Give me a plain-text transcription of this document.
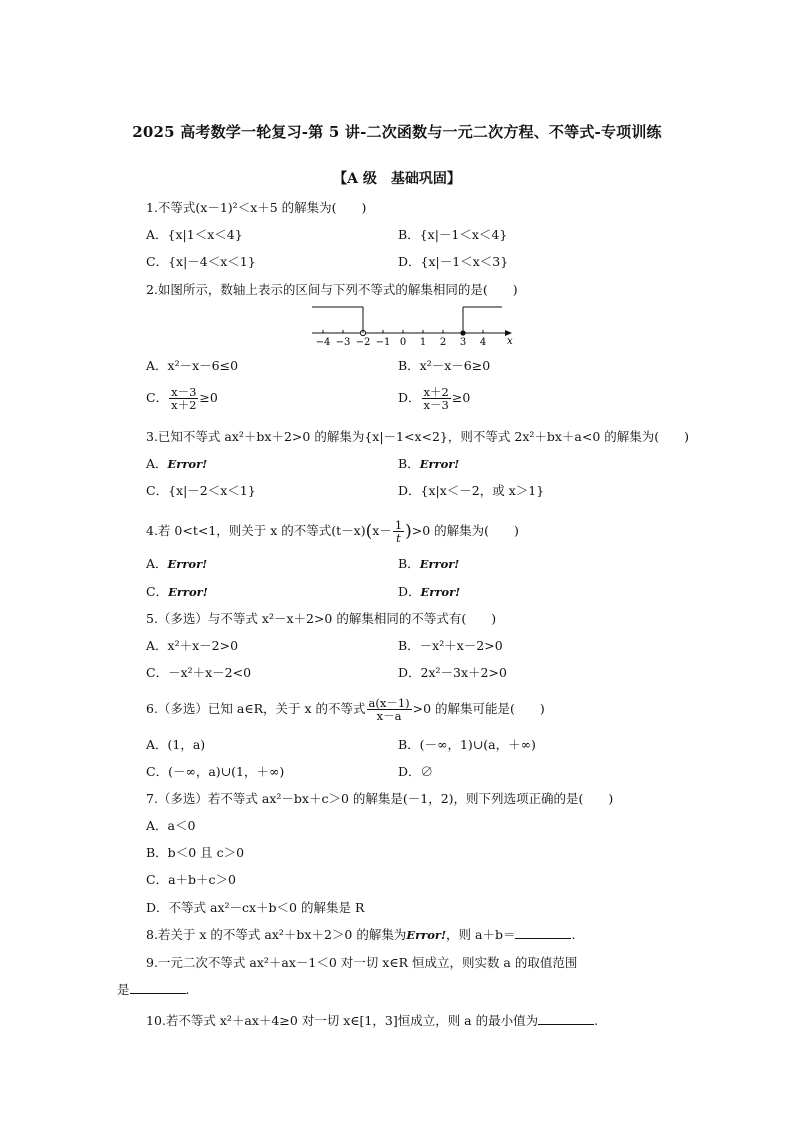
2025 高考数学一轮复习-第 5 讲-二次函数与一元二次方程、不等式-专项训练
【A 级　基础巩固】
1.不等式(x－1)²＜x＋5 的解集为(　　)
A．{x|1＜x＜4}	B．{x|－1＜x＜4}
C．{x|－4＜x＜1}	D．{x|－1＜x＜3}
2.如图所示，数轴上表示的区间与下列不等式的解集相同的是(　　)
−4 −3 −2 −1 0 1 2 3 4 x
A．x²－x－6≤0	B．x²－x－6≥0
C． $\frac{x-3}{x+2} \ge 0$	D． $\frac{x+2}{x-3} \ge 0$
3.已知不等式 ax²＋bx＋2>0 的解集为{x|－1<x<2}，则不等式 2x²＋bx＋a<0 的解集为(　　)
A．Error!	B．Error!
C．{x|－2＜x＜1}	D．{x|x＜－2，或 x＞1}
4.若 0<t<1，则关于 x 的不等式$(t-x)(x- \frac{1}{t} )>0$ 的解集为(　　)
A．Error!	B．Error!
C．Error!	D．Error!
5.（多选）与不等式 x²－x＋2>0 的解集相同的不等式有(　　)
A．x²＋x－2>0	B．－x²＋x－2>0
C．－x²＋x－2<0	D．2x²－3x＋2>0
6.（多选）已知 a∈R，关于 x 的不等式 $\frac{a(x-1)}{x-a} >0$ 的解集可能是(　　)
A．(1，a)	B．(－∞，1)∪(a，＋∞)
C．(－∞，a)∪(1，＋∞)	D．∅
7.（多选）若不等式 ax²－bx＋c＞0 的解集是(－1，2)，则下列选项正确的是(　　)
A．a＜0
B．b＜0 且 c＞0
C．a＋b＋c＞0
D．不等式 ax²－cx＋b＜0 的解集是 R
8.若关于 x 的不等式 ax²＋bx＋2＞0 的解集为Error!，则 a＋b＝	.
9.一元二次不等式 ax²＋ax－1＜0 对一切 x∈R 恒成立，则实数 a 的取值范围
是	.
10.若不等式 x²＋ax＋4≥0 对一切 x∈[1，3]恒成立，则 a 的最小值为	.
